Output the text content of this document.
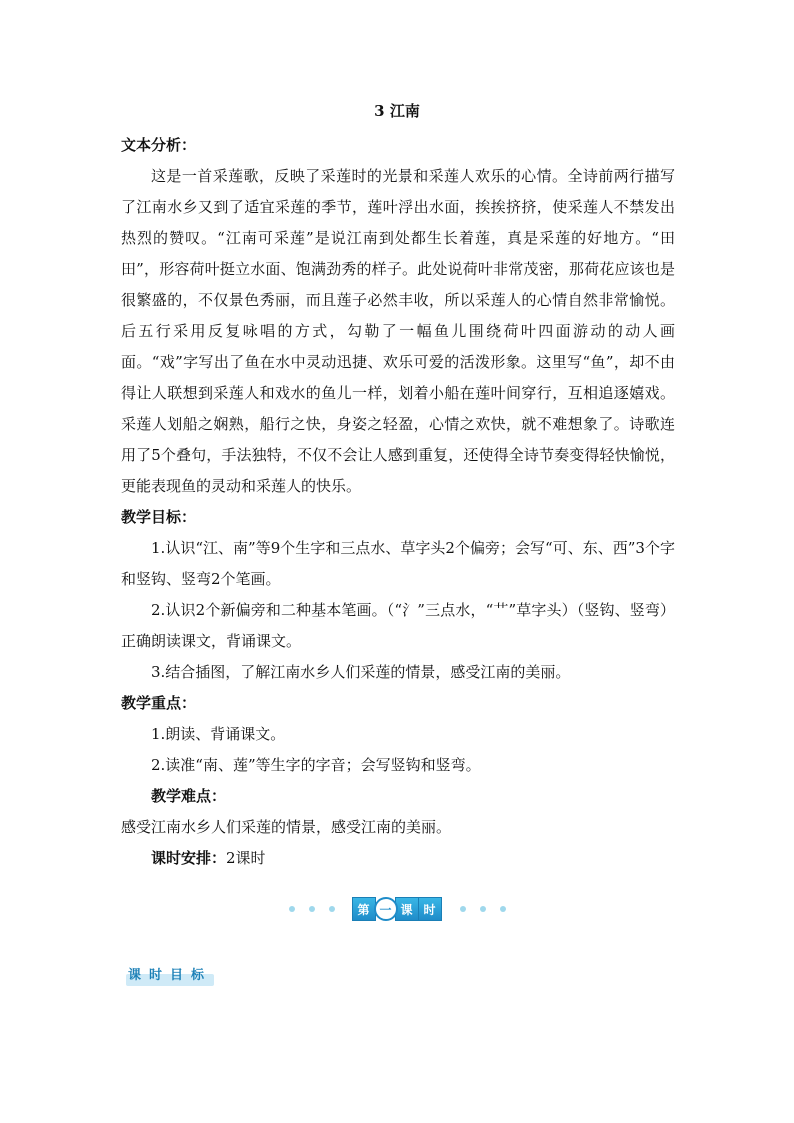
3 江南

文本分析：

这是一首采莲歌，反映了采莲时的光景和采莲人欢乐的心情。全诗前两行描写了江南水乡又到了适宜采莲的季节，莲叶浮出水面，挨挨挤挤，使采莲人不禁发出热烈的赞叹。“江南可采莲”是说江南到处都生长着莲，真是采莲的好地方。“田田”，形容荷叶挺立水面、饱满劲秀的样子。此处说荷叶非常茂密，那荷花应该也是很繁盛的，不仅景色秀丽，而且莲子必然丰收，所以采莲人的心情自然非常愉悦。后五行采用反复咏唱的方式，勾勒了一幅鱼儿围绕荷叶四面游动的动人画面。“戏”字写出了鱼在水中灵动迅捷、欢乐可爱的活泼形象。这里写“鱼”，却不由得让人联想到采莲人和戏水的鱼儿一样，划着小船在莲叶间穿行，互相追逐嬉戏。采莲人划船之娴熟，船行之快，身姿之轻盈，心情之欢快，就不难想象了。诗歌连用了5个叠句，手法独特，不仅不会让人感到重复，还使得全诗节奏变得轻快愉悦，更能表现鱼的灵动和采莲人的快乐。

教学目标：

1.认识“江、南”等9个生字和三点水、草字头2个偏旁；会写“可、东、西”3个字和竖钩、竖弯2个笔画。

2.认识2个新偏旁和二种基本笔画。（“氵”三点水，“艹”草字头）（竖钩、竖弯）正确朗读课文，背诵课文。

3.结合插图，了解江南水乡人们采莲的情景，感受江南的美丽。

教学重点：

1.朗读、背诵课文。

2.读准“南、莲”等生字的字音；会写竖钩和竖弯。

教学难点：

感受江南水乡人们采莲的情景，感受江南的美丽。

课时安排：2课时

第 一 课 时
课时目标
